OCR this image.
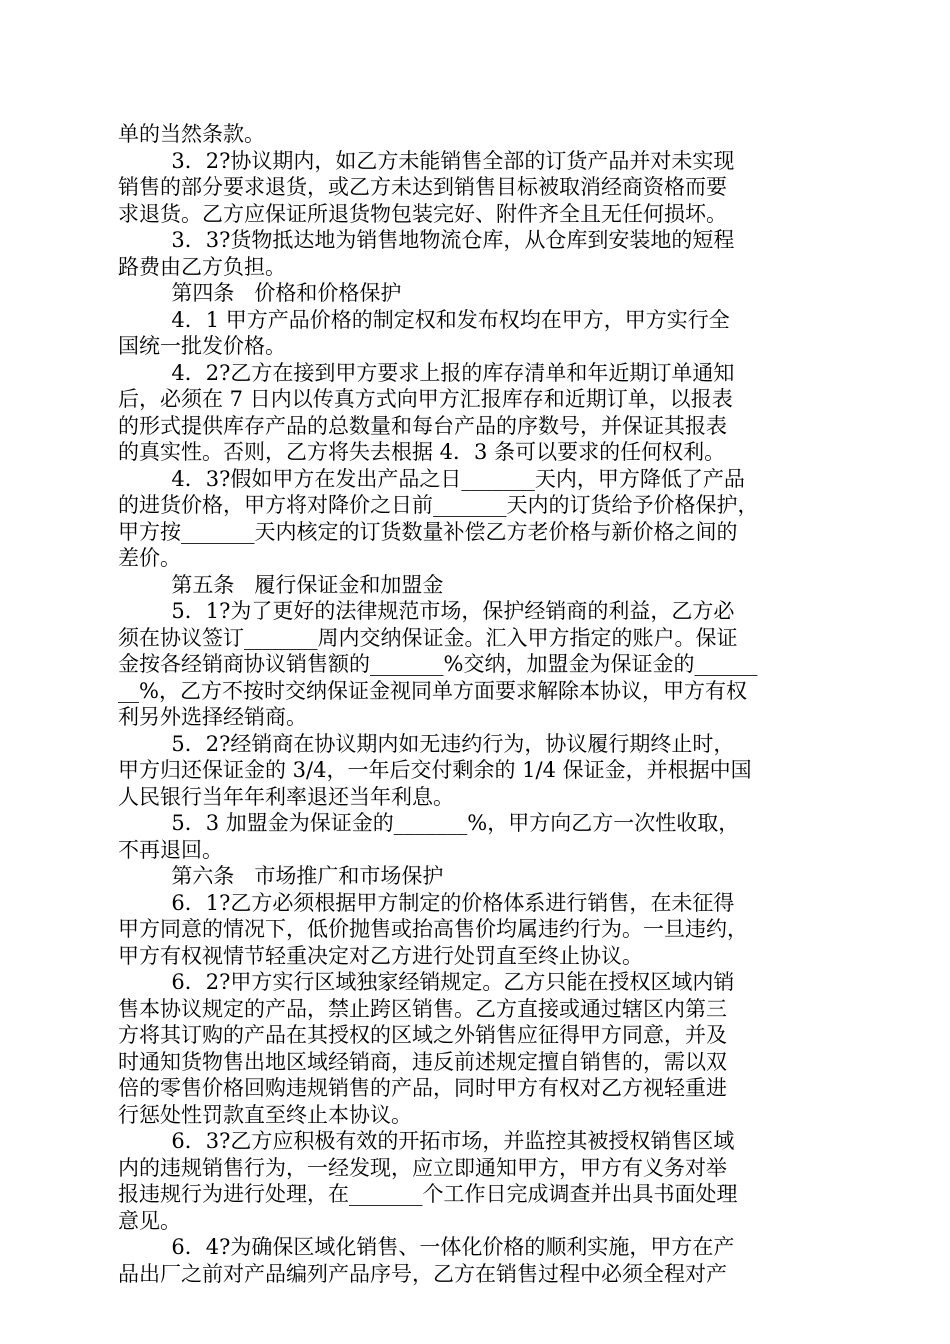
单的当然条款。
3．2?协议期内，如乙方未能销售全部的订货产品并对未实现
销售的部分要求退货，或乙方未达到销售目标被取消经商资格而要
求退货。乙方应保证所退货物包装完好、附件齐全且无任何损坏。
3．3?货物抵达地为销售地物流仓库，从仓库到安装地的短程
路费由乙方负担。
第四条   价格和价格保护
4．1 甲方产品价格的制定权和发布权均在甲方，甲方实行全
国统一批发价格。
4．2?乙方在接到甲方要求上报的库存清单和年近期订单通知
后，必须在 7 日内以传真方式向甲方汇报库存和近期订单，以报表
的形式提供库存产品的总数量和每台产品的序数号，并保证其报表
的真实性。否则，乙方将失去根据 4．3 条可以要求的任何权利。
4．3?假如甲方在发出产品之日_______天内，甲方降低了产品
的进货价格，甲方将对降价之日前_______天内的订货给予价格保护，
甲方按_______天内核定的订货数量补偿乙方老价格与新价格之间的
差价。
第五条   履行保证金和加盟金
5．1?为了更好的法律规范市场，保护经销商的利益，乙方必
须在协议签订_______周内交纳保证金。汇入甲方指定的账户。保证
金按各经销商协议销售额的_______%交纳，加盟金为保证金的______
__%，乙方不按时交纳保证金视同单方面要求解除本协议，甲方有权
利另外选择经销商。
5．2?经销商在协议期内如无违约行为，协议履行期终止时，
甲方归还保证金的 3/4，一年后交付剩余的 1/4 保证金，并根据中国
人民银行当年年利率退还当年利息。
5．3 加盟金为保证金的_______%，甲方向乙方一次性收取，
不再退回。
第六条   市场推广和市场保护
6．1?乙方必须根据甲方制定的价格体系进行销售，在未征得
甲方同意的情况下，低价抛售或抬高售价均属违约行为。一旦违约，
甲方有权视情节轻重决定对乙方进行处罚直至终止协议。
6．2?甲方实行区域独家经销规定。乙方只能在授权区域内销
售本协议规定的产品，禁止跨区销售。乙方直接或通过辖区内第三
方将其订购的产品在其授权的区域之外销售应征得甲方同意，并及
时通知货物售出地区域经销商，违反前述规定擅自销售的，需以双
倍的零售价格回购违规销售的产品，同时甲方有权对乙方视轻重进
行惩处性罚款直至终止本协议。
6．3?乙方应积极有效的开拓市场，并监控其被授权销售区域
内的违规销售行为，一经发现，应立即通知甲方，甲方有义务对举
报违规行为进行处理，在_______个工作日完成调查并出具书面处理
意见。
6．4?为确保区域化销售、一体化价格的顺利实施，甲方在产
品出厂之前对产品编列产品序号，乙方在销售过程中必须全程对产
